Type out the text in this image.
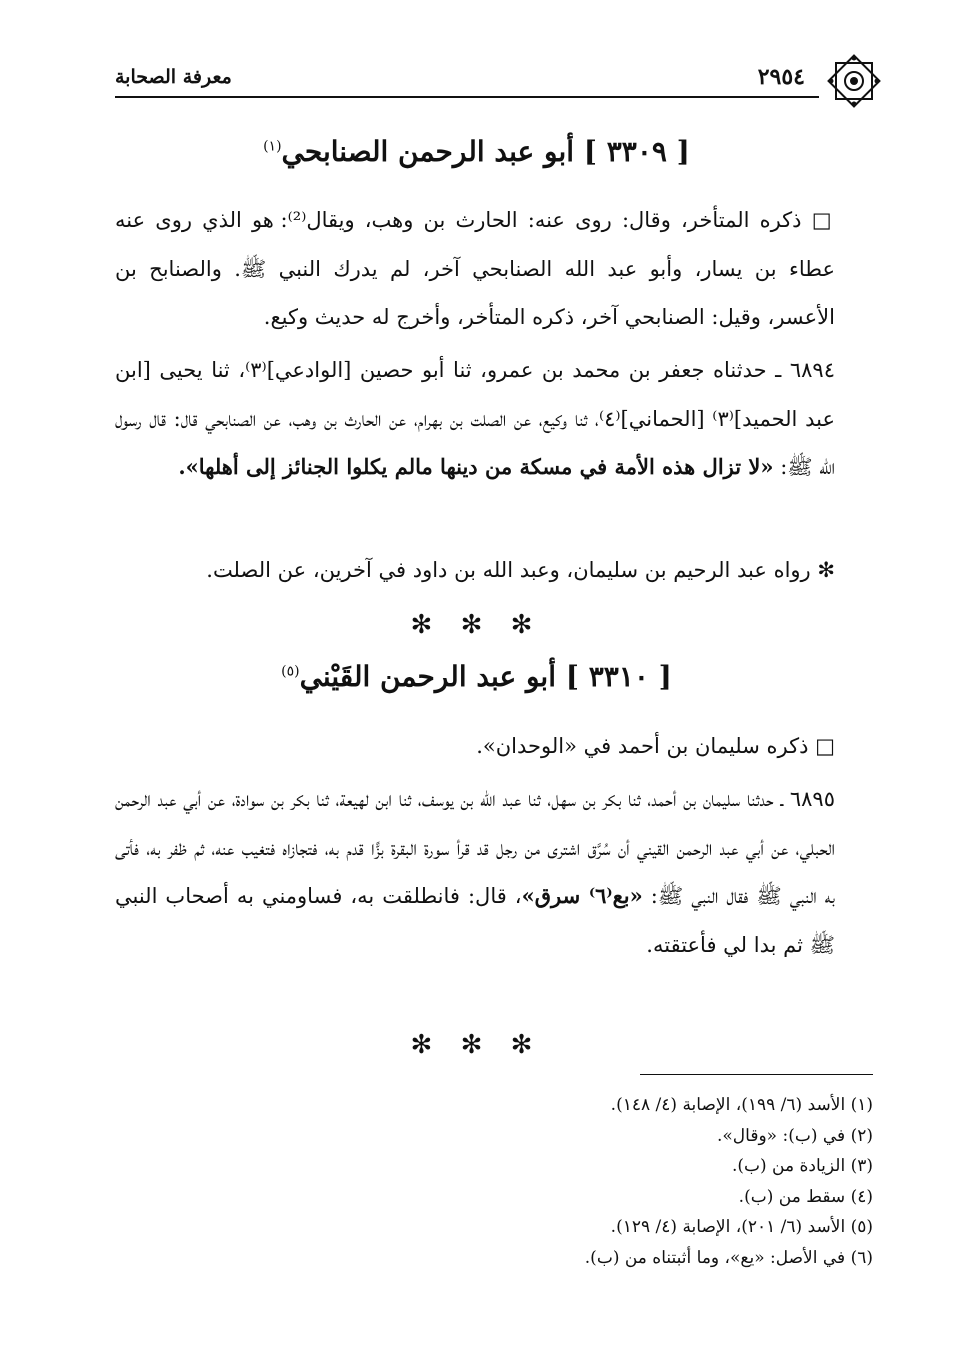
٢٩٥٤
معرفة الصحابة
[ ٣٣٠٩ ] أبو عبد الرحمن الصنابحي$^{(١)}$
□ ذكره المتأخر، وقال: روى عنه: الحارث بن وهب، ويقال⁽²⁾: هو الذي روى عنه عطاء بن يسار، وأبو عبد الله الصنابحي آخر، لم يدرك النبي ﷺ. والصنابح بن الأعسر، وقيل: الصنابحي آخر، ذكره المتأخر، وأخرج له حديث وكيع.
٦٨٩٤ ـ حدثناه جعفر بن محمد بن عمرو، ثنا أبو حصين [الوادعي]⁽٣⁾، ثنا يحيى [ابن عبد الحميد]⁽٣⁾ [الحماني]⁽٤⁾، ثنا وكيع، عن الصلت بن بهرام، عن الحارث بن وهب، عن الصنابحي قال: قال رسول الله ﷺ: «لا تزال هذه الأمة في مسكة من دينها مالم يكلوا الجنائز إلى أهلها».
✻ رواه عبد الرحيم بن سليمان، وعبد الله بن داود في آخرين، عن الصلت.
✻ ✻ ✻
[ ٣٣١٠ ] أبو عبد الرحمن القَيْني$^{(٥)}$
□ ذكره سليمان بن أحمد في «الوحدان».
٦٨٩٥ ـ حدثنا سليمان بن أحمد، ثنا بكر بن سهل، ثنا عبد الله بن يوسف، ثنا ابن لهيعة، ثنا بكر بن سوادة، عن أبي عبد الرحمن الحبلي، عن أبي عبد الرحمن القيني أن سُرَّق اشترى من رجل قد قرأ سورة البقرة بزًّا قدم به، فتجازاه فتغيب عنه، ثم ظفر به، فأتى به النبي ﷺ فقال النبي ﷺ: «بع⁽٦⁾ سرق»، قال: فانطلقت به، فساومني به أصحاب النبي ﷺ ثم بدا لي فأعتقته.
✻ ✻ ✻
(١) الأسد (٦/ ١٩٩)، الإصابة (٤/ ١٤٨).
(٢) في (ب): «وقال».
(٣) الزيادة من (ب).
(٤) سقط من (ب).
(٥) الأسد (٦/ ٢٠١)، الإصابة (٤/ ١٢٩).
(٦) في الأصل: «يع»، وما أثبتناه من (ب).
